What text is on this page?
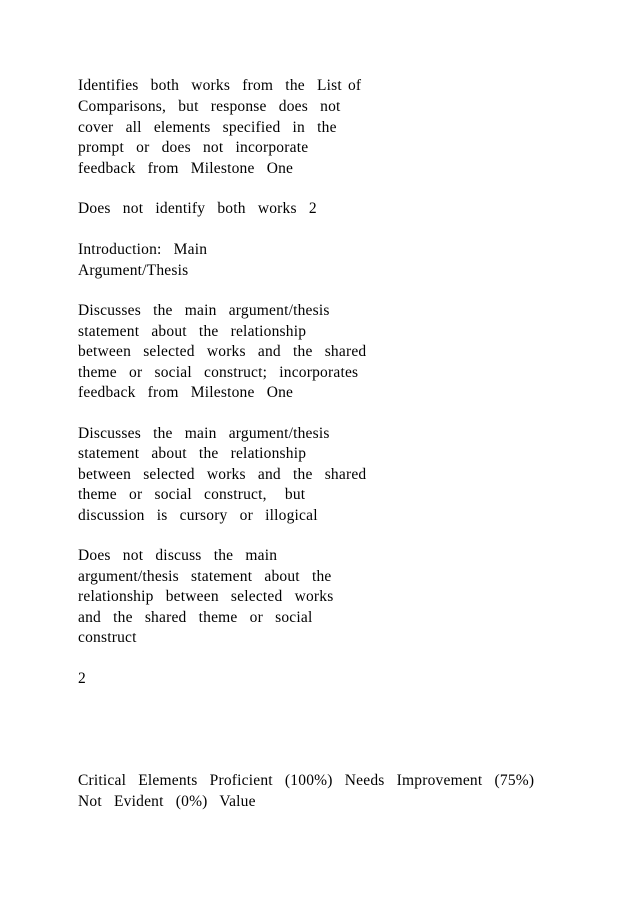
Identifies  both  works  from  the  List of
Comparisons,  but  response  does  not
cover  all  elements  specified  in  the
prompt  or  does  not  incorporate
feedback  from  Milestone  One
Does  not  identify  both  works  2
Introduction:  Main
Argument/Thesis
Discusses  the  main  argument/thesis
statement  about  the  relationship
between  selected  works  and  the  shared
theme  or  social  construct;  incorporates
feedback  from  Milestone  One
Discusses  the  main  argument/thesis
statement  about  the  relationship
between  selected  works  and  the  shared
theme  or  social  construct,   but
discussion  is  cursory  or  illogical
Does  not  discuss  the  main
argument/thesis  statement  about  the
relationship  between  selected  works
and  the  shared  theme  or  social
construct
2
Critical  Elements  Proficient  (100%)  Needs  Improvement  (75%)
Not  Evident  (0%)  Value
